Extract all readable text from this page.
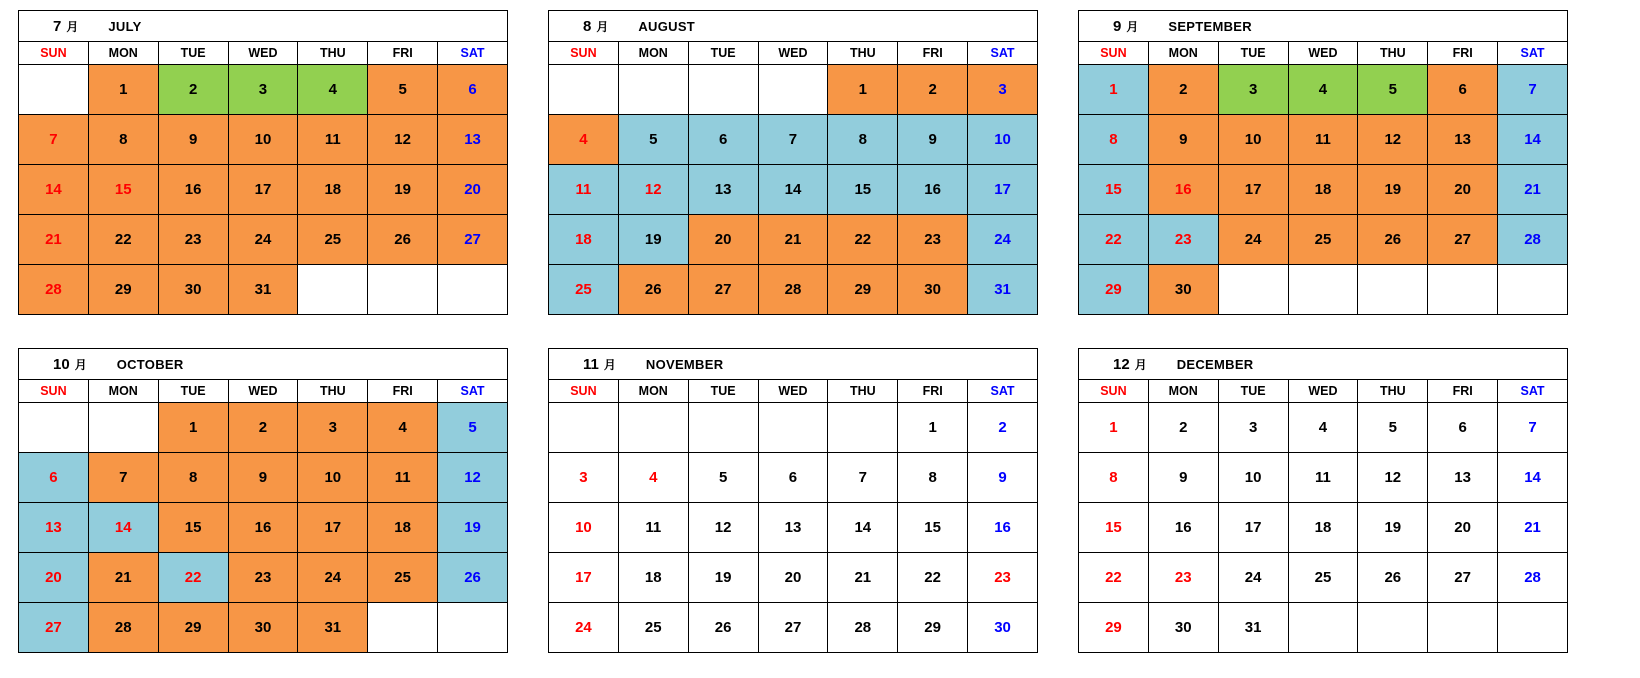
7 月 JULY						

SUN	MON	TUE	WED	THU	FRI	SAT
	1	2	3	4	5	6
7	8	9	10	11	12	13
14	15	16	17	18	19	20
21	22	23	24	25	26	27
28	29	30	31			
8 月 AUGUST						

SUN	MON	TUE	WED	THU	FRI	SAT
				1	2	3
4	5	6	7	8	9	10
11	12	13	14	15	16	17
18	19	20	21	22	23	24
25	26	27	28	29	30	31
9 月 SEPTEMBER						

SUN	MON	TUE	WED	THU	FRI	SAT
1	2	3	4	5	6	7
8	9	10	11	12	13	14
15	16	17	18	19	20	21
22	23	24	25	26	27	28
29	30					
10 月 OCTOBER						

SUN	MON	TUE	WED	THU	FRI	SAT
		1	2	3	4	5
6	7	8	9	10	11	12
13	14	15	16	17	18	19
20	21	22	23	24	25	26
27	28	29	30	31		
11 月 NOVEMBER						

SUN	MON	TUE	WED	THU	FRI	SAT
					1	2
3	4	5	6	7	8	9
10	11	12	13	14	15	16
17	18	19	20	21	22	23
24	25	26	27	28	29	30
12 月 DECEMBER						

SUN	MON	TUE	WED	THU	FRI	SAT
1	2	3	4	5	6	7
8	9	10	11	12	13	14
15	16	17	18	19	20	21
22	23	24	25	26	27	28
29	30	31				
